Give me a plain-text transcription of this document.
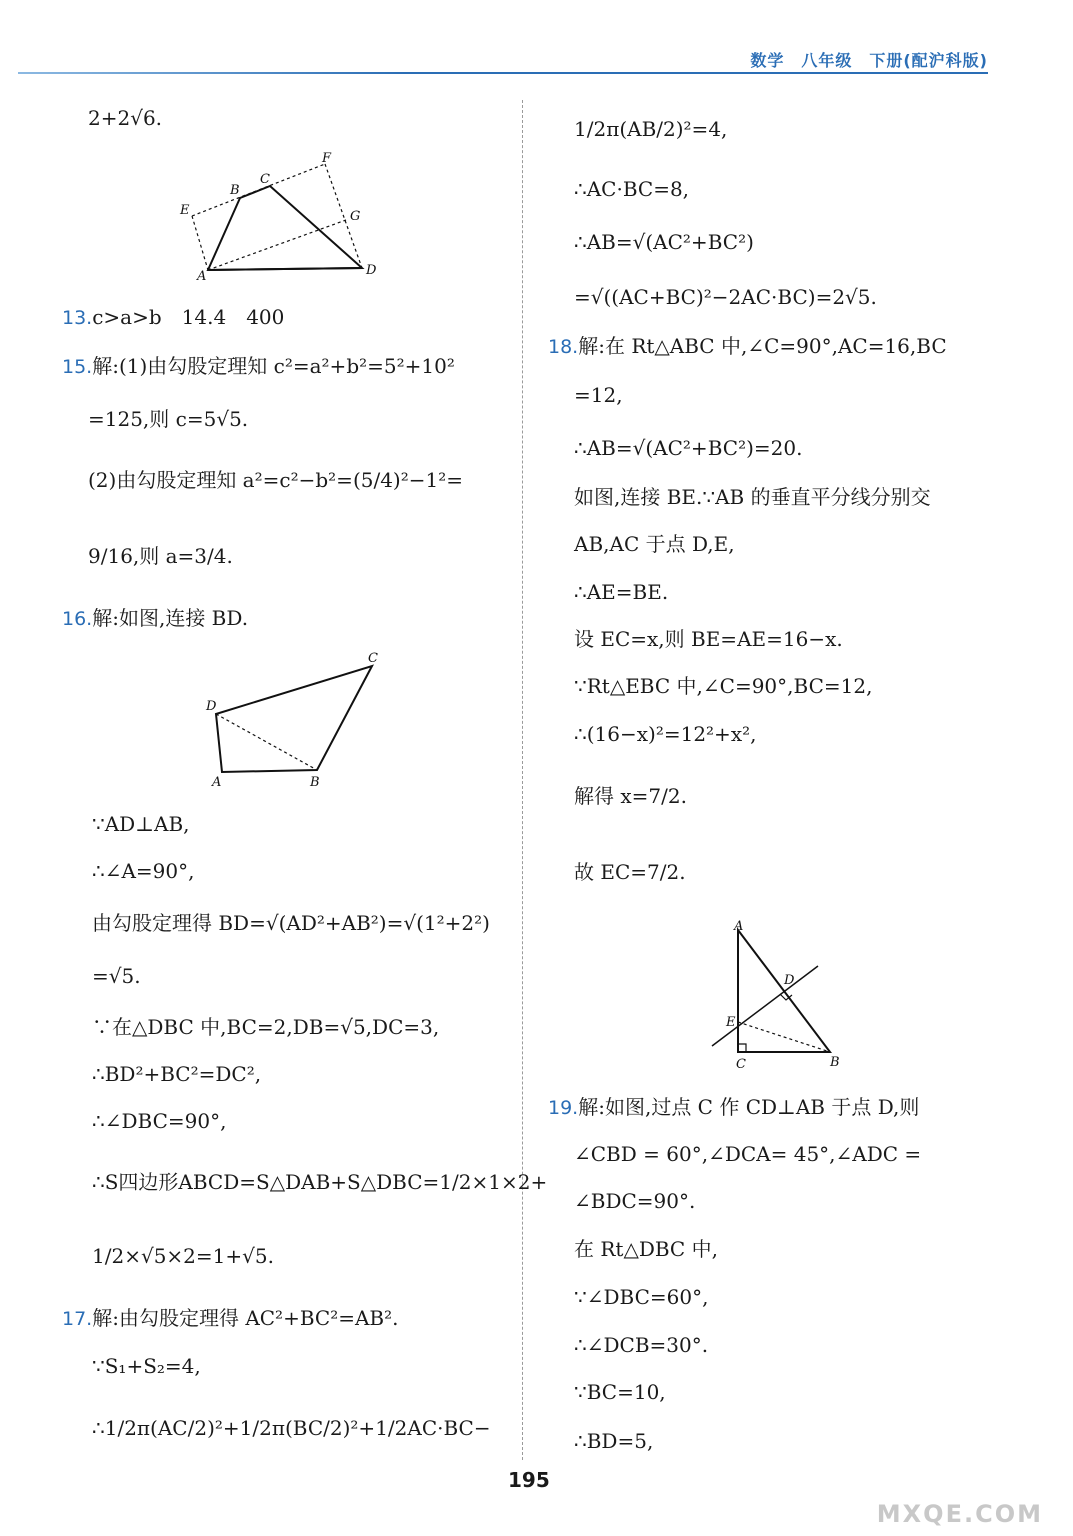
数学　八年级　下册(配沪科版)
2+2√6.
A
B
C
D
E
F
G
13.c>a>b　14.4　400
15.解:(1)由勾股定理知 c²=a²+b²=5²+10²
=125,则 c=5√5.
(2)由勾股定理知 a²=c²−b²=(5/4)²−1²=
9/16,则 a=3/4.
16.解:如图,连接 BD.
A	B
C
D
∵AD⊥AB,
∴∠A=90°,
由勾股定理得 BD=√(AD²+AB²)=√(1²+2²)
=√5.
∵在△DBC 中,BC=2,DB=√5,DC=3,
∴BD²+BC²=DC²,
∴∠DBC=90°,
∴S四边形ABCD=S△DAB+S△DBC=1/2×1×2+
1/2×√5×2=1+√5.
17.解:由勾股定理得 AC²+BC²=AB².
∵S₁+S₂=4,
∴1/2π(AC/2)²+1/2π(BC/2)²+1/2AC·BC−
1/2π(AB/2)²=4,
∴AC·BC=8,
∴AB=√(AC²+BC²)
=√((AC+BC)²−2AC·BC)=2√5.
18.解:在 Rt△ABC 中,∠C=90°,AC=16,BC
=12,
∴AB=√(AC²+BC²)=20.
如图,连接 BE.∵AB 的垂直平分线分别交
AB,AC 于点 D,E,
∴AE=BE.
设 EC=x,则 BE=AE=16−x.
∵Rt△EBC 中,∠C=90°,BC=12,
∴(16−x)²=12²+x²,
解得 x=7/2.
故 EC=7/2.
A
B
C
D
E
19.解:如图,过点 C 作 CD⊥AB 于点 D,则
∠CBD = 60°,∠DCA= 45°,∠ADC =
∠BDC=90°.
在 Rt△DBC 中,
∵∠DBC=60°,
∴∠DCB=30°.
∵BC=10,
∴BD=5,
195
MXQE.COM
